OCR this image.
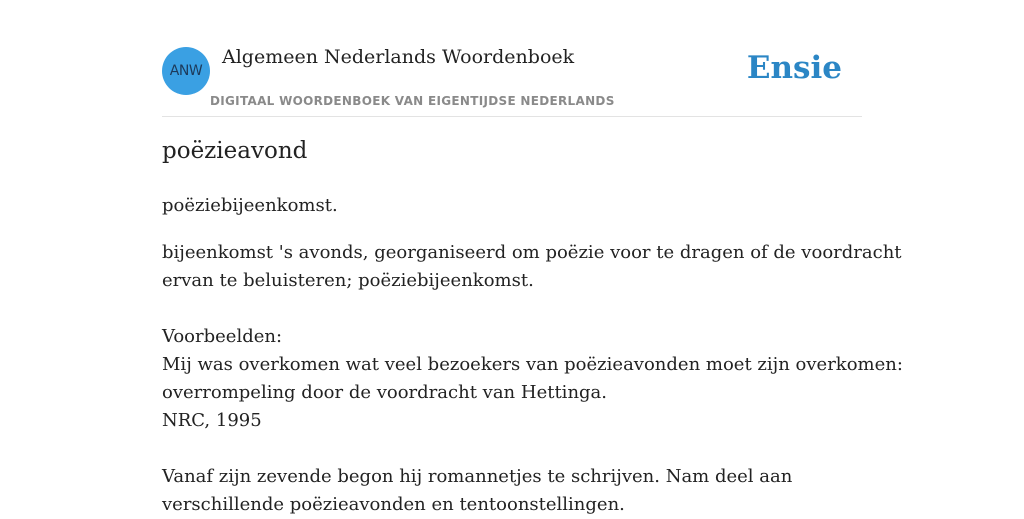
ANW
Algemeen Nederlands Woordenboek
DIGITAAL WOORDENBOEK VAN EIGENTIJDSE NEDERLANDS
Ensie
poëzieavond
poëziebijeenkomst.
bijeenkomst 's avonds, georganiseerd om poëzie voor te dragen of de voordracht
ervan te beluisteren; poëziebijeenkomst.
Voorbeelden:
Mij was overkomen wat veel bezoekers van poëzieavonden moet zijn overkomen:
overrompeling door de voordracht van Hettinga.
NRC, 1995
Vanaf zijn zevende begon hij romannetjes te schrijven. Nam deel aan
verschillende poëzieavonden en tentoonstellingen.
